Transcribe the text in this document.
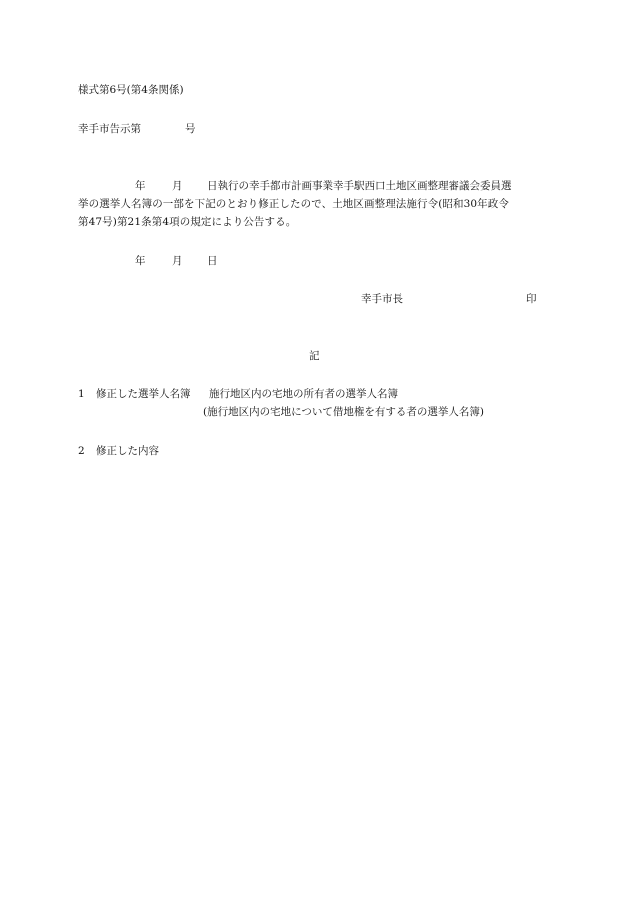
様式第6号(第4条関係)
幸手市告示第	号
年	月 日執行の幸手都市計画事業幸手駅西口土地区画整理審議会委員選
挙の選挙人名簿の一部を下記のとおり修正したので、土地区画整理法施行令(昭和30年政令
第47号)第21条第4項の規定により公告する。
年	月 日
幸手市長	印
記
1 修正した選挙人名簿 施行地区内の宅地の所有者の選挙人名簿
(施行地区内の宅地について借地権を有する者の選挙人名簿)
2 修正した内容
